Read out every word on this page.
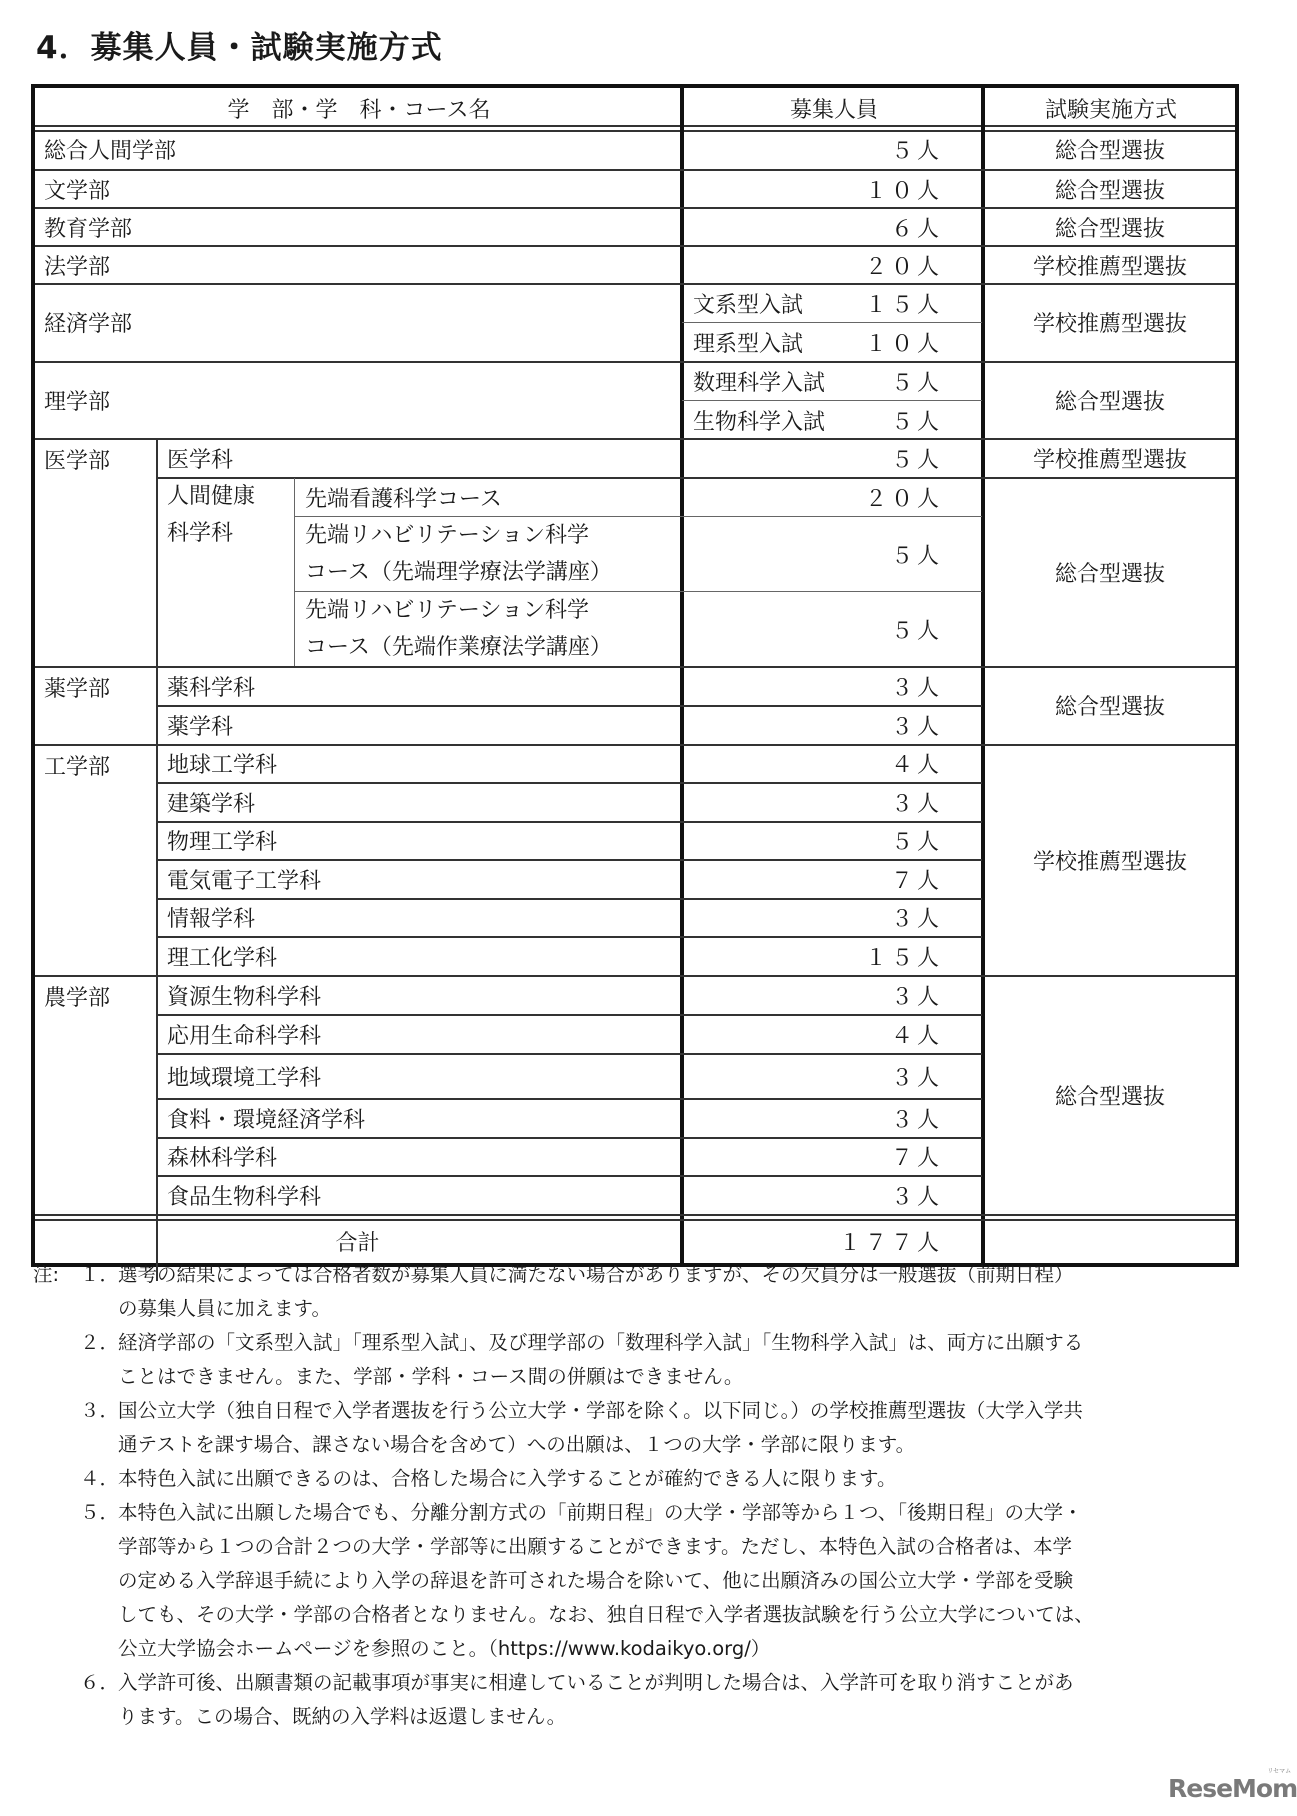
4．募集人員・試験実施方式
学　部・学　科・コース名	募集人員	試験実施方式
総合人間学部	５人	総合型選抜
文学部	１０人	総合型選抜
教育学部	６人	総合型選抜
法学部	２０人	学校推薦型選抜
経済学部
文系型入試	１５人
理系型入試	１０人
学校推薦型選抜
理学部
数理科学入試	５人
生物科学入試	５人
総合型選抜
医学部	医学科	５人	学校推薦型選抜
人間健康
科学科
先端看護科学コース	２０人
先端リハビリテーション科学
コース（先端理学療法学講座）
５人
先端リハビリテーション科学
コース（先端作業療法学講座）
５人
総合型選抜
薬学部	薬科学科	３人
薬学科	３人
総合型選抜
工学部	地球工学科	４人
建築学科	３人
物理工学科	５人
電気電子工学科	７人
情報学科	３人
理工化学科	１５人
学校推薦型選抜
農学部	資源生物科学科	３人
応用生命科学科	４人
地域環境工学科	３人
食料・環境経済学科	３人
森林科学科	７人
食品生物科学科	３人
総合型選抜
合計	１７７人
注: １．
選考の結果によっては合格者数が募集人員に満たない場合がありますが、その欠員分は一般選抜（前期日程）
の募集人員に加えます。
２．
経済学部の「文系型入試」「理系型入試」、及び理学部の「数理科学入試」「生物科学入試」は、両方に出願する
ことはできません。また、学部・学科・コース間の併願はできません。
３．
国公立大学（独自日程で入学者選抜を行う公立大学・学部を除く。以下同じ。）の学校推薦型選抜（大学入学共
通テストを課す場合、課さない場合を含めて）への出願は、１つの大学・学部に限ります。
４．
本特色入試に出願できるのは、合格した場合に入学することが確約できる人に限ります。
５．
本特色入試に出願した場合でも、分離分割方式の「前期日程」の大学・学部等から１つ、「後期日程」の大学・
学部等から１つの合計２つの大学・学部等に出願することができます。ただし、本特色入試の合格者は、本学
の定める入学辞退手続により入学の辞退を許可された場合を除いて、他に出願済みの国公立大学・学部を受験
しても、その大学・学部の合格者となりません。なお、独自日程で入学者選抜試験を行う公立大学については、
公立大学協会ホームページを参照のこと。（https://www.kodaikyo.org/）
６．
入学許可後、出願書類の記載事項が事実に相違していることが判明した場合は、入学許可を取り消すことがあ
ります。この場合、既納の入学料は返還しません。
ReseMom
リセマム
